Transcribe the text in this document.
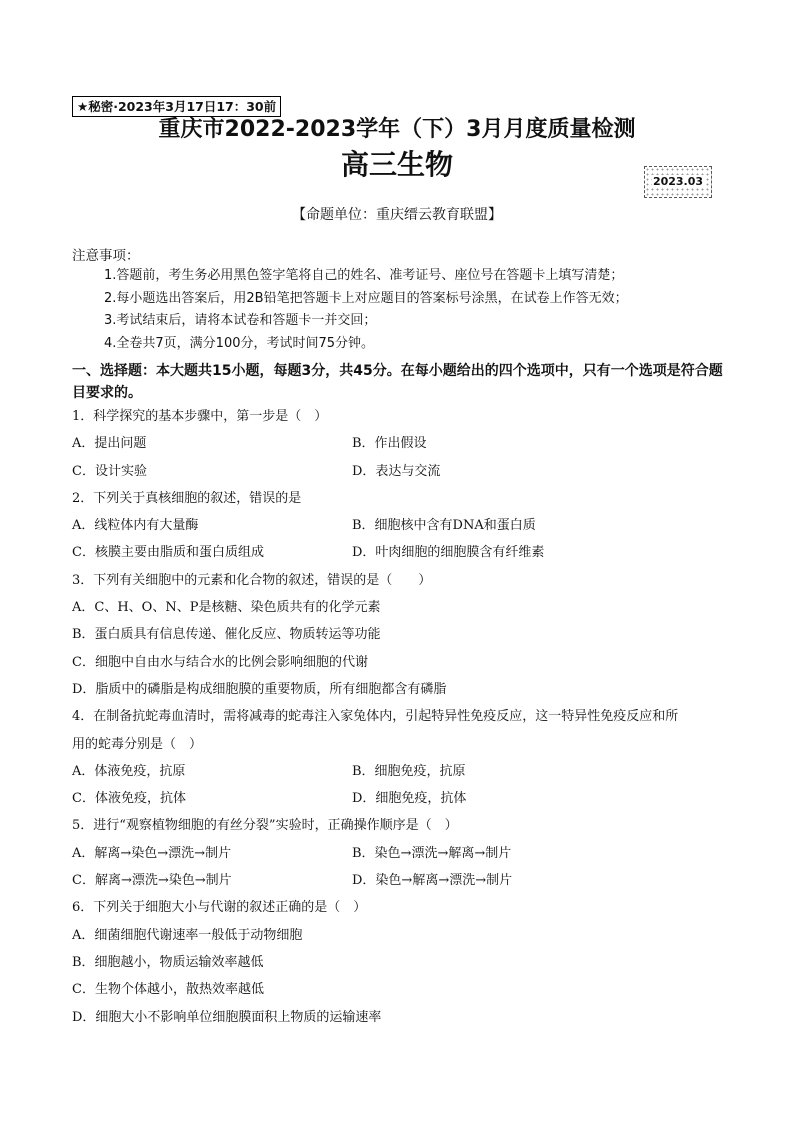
★秘密·2023年3月17日17：30前
重庆市2022-2023学年（下）3月月度质量检测
高三生物
2023.03
【命题单位：重庆缙云教育联盟】
注意事项：
1.答题前，考生务必用黑色签字笔将自己的姓名、准考证号、座位号在答题卡上填写清楚；
2.每小题选出答案后，用2B铅笔把答题卡上对应题目的答案标号涂黑，在试卷上作答无效；
3.考试结束后，请将本试卷和答题卡一并交回；
4.全卷共7页，满分100分，考试时间75分钟。
一、选择题：本大题共15小题，每题3分，共45分。在每小题给出的四个选项中，只有一个选项是符合题目要求的。
1．科学探究的基本步骤中，第一步是（　）
A．提出问题	B．作出假设
C．设计实验	D．表达与交流
2．下列关于真核细胞的叙述，错误的是
A．线粒体内有大量酶	B．细胞核中含有DNA和蛋白质
C．核膜主要由脂质和蛋白质组成	D．叶肉细胞的细胞膜含有纤维素
3．下列有关细胞中的元素和化合物的叙述，错误的是（　　）
A．C、H、O、N、P是核糖、染色质共有的化学元素
B．蛋白质具有信息传递、催化反应、物质转运等功能
C．细胞中自由水与结合水的比例会影响细胞的代谢
D．脂质中的磷脂是构成细胞膜的重要物质，所有细胞都含有磷脂
4．在制备抗蛇毒血清时，需将减毒的蛇毒注入家兔体内，引起特异性免疫反应，这一特异性免疫反应和所
用的蛇毒分别是（　）
A．体液免疫，抗原	B．细胞免疫，抗原
C．体液免疫，抗体	D．细胞免疫，抗体
5．进行“观察植物细胞的有丝分裂”实验时，正确操作顺序是（　）
A．解离→染色→漂洗→制片	B．染色→漂洗→解离→制片
C．解离→漂洗→染色→制片	D．染色→解离→漂洗→制片
6．下列关于细胞大小与代谢的叙述正确的是（　）
A．细菌细胞代谢速率一般低于动物细胞
B．细胞越小，物质运输效率越低
C．生物个体越小，散热效率越低
D．细胞大小不影响单位细胞膜面积上物质的运输速率
